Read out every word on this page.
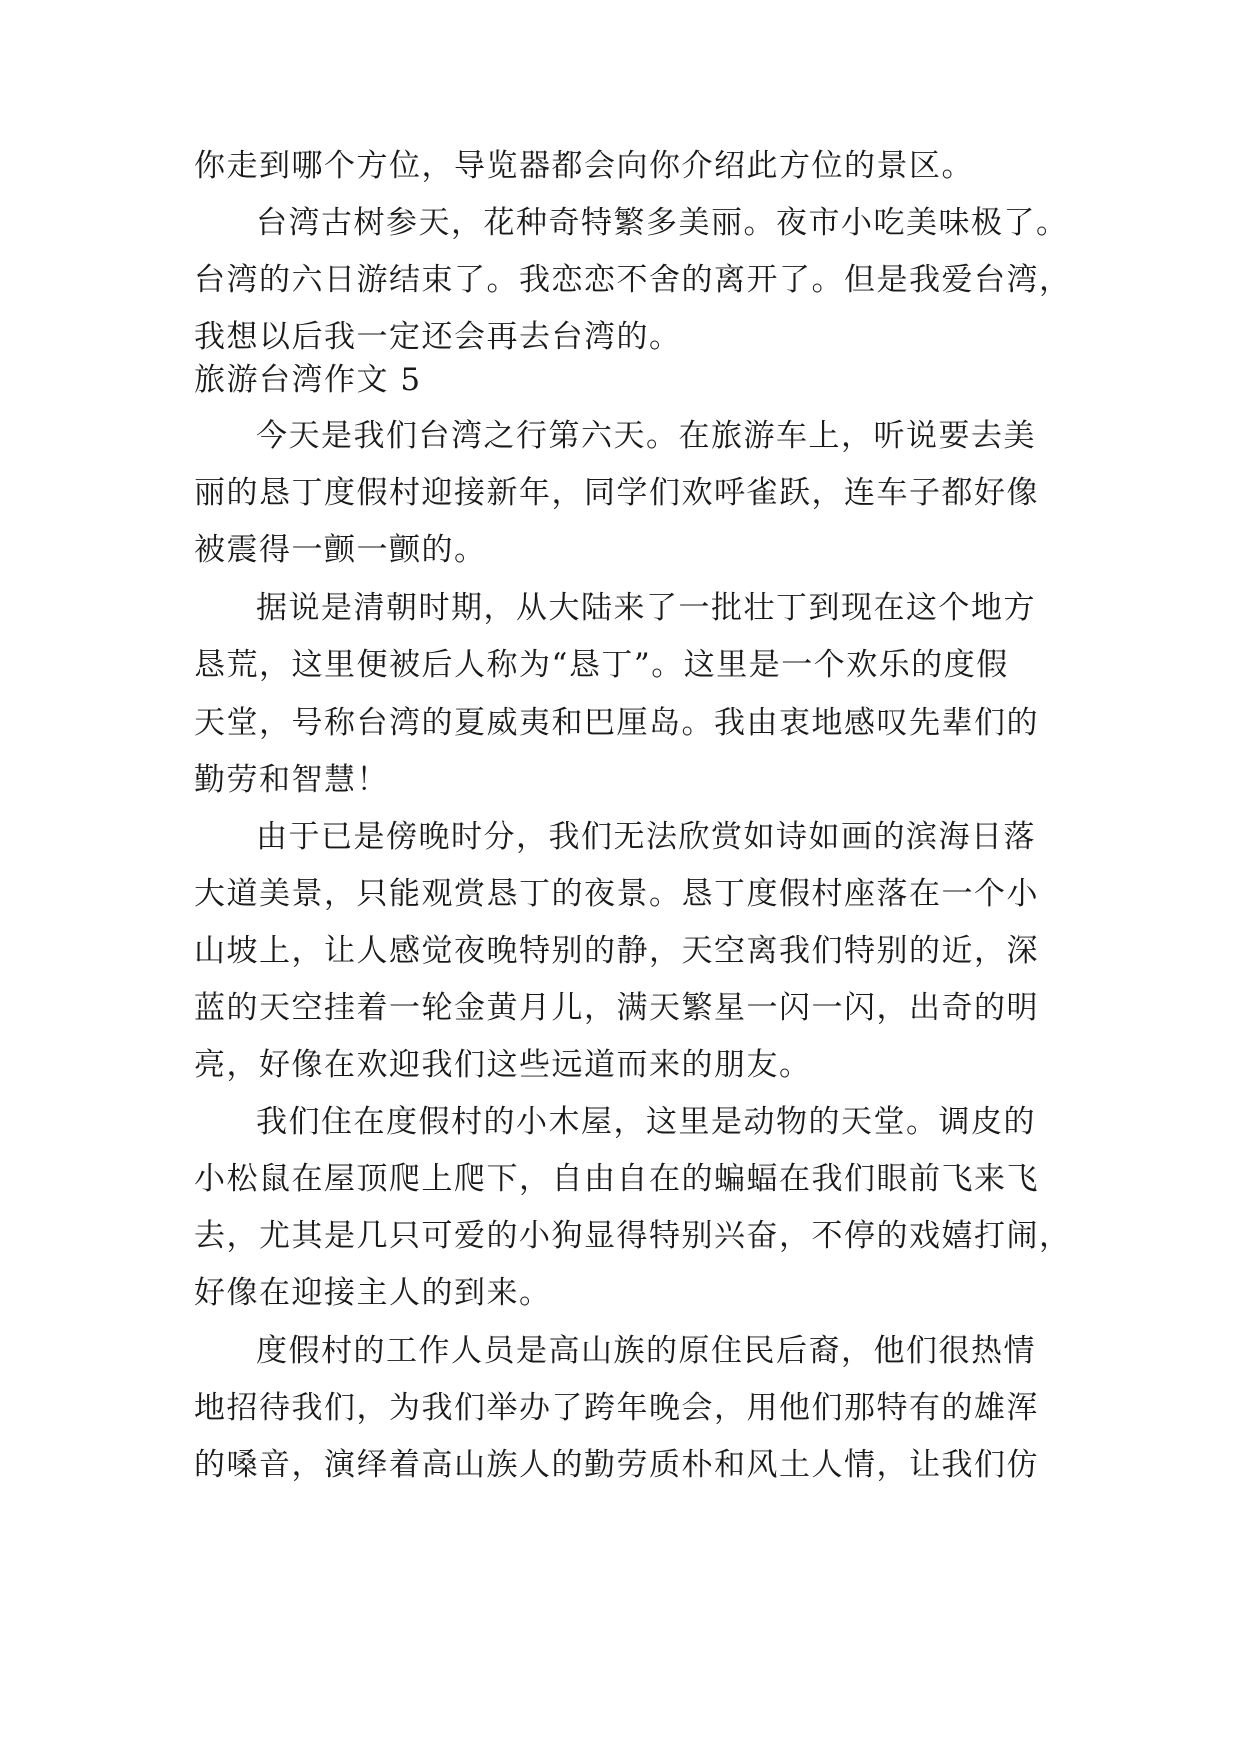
你走到哪个方位，导览器都会向你介绍此方位的景区。
台湾古树参天，花种奇特繁多美丽。夜市小吃美味极了。
台湾的六日游结束了。我恋恋不舍的离开了。但是我爱台湾，
我想以后我一定还会再去台湾的。
旅游台湾作文 5
今天是我们台湾之行第六天。在旅游车上，听说要去美
丽的恳丁度假村迎接新年，同学们欢呼雀跃，连车子都好像
被震得一颤一颤的。
据说是清朝时期，从大陆来了一批壮丁到现在这个地方
恳荒，这里便被后人称为“恳丁”。这里是一个欢乐的度假
天堂，号称台湾的夏威夷和巴厘岛。我由衷地感叹先辈们的
勤劳和智慧！
由于已是傍晚时分，我们无法欣赏如诗如画的滨海日落
大道美景，只能观赏恳丁的夜景。恳丁度假村座落在一个小
山坡上，让人感觉夜晚特别的静，天空离我们特别的近，深
蓝的天空挂着一轮金黄月儿，满天繁星一闪一闪，出奇的明
亮，好像在欢迎我们这些远道而来的朋友。
我们住在度假村的小木屋，这里是动物的天堂。调皮的
小松鼠在屋顶爬上爬下，自由自在的蝙蝠在我们眼前飞来飞
去，尤其是几只可爱的小狗显得特别兴奋，不停的戏嬉打闹，
好像在迎接主人的到来。
度假村的工作人员是高山族的原住民后裔，他们很热情
地招待我们，为我们举办了跨年晚会，用他们那特有的雄浑
的嗓音，演绎着高山族人的勤劳质朴和风土人情，让我们仿
